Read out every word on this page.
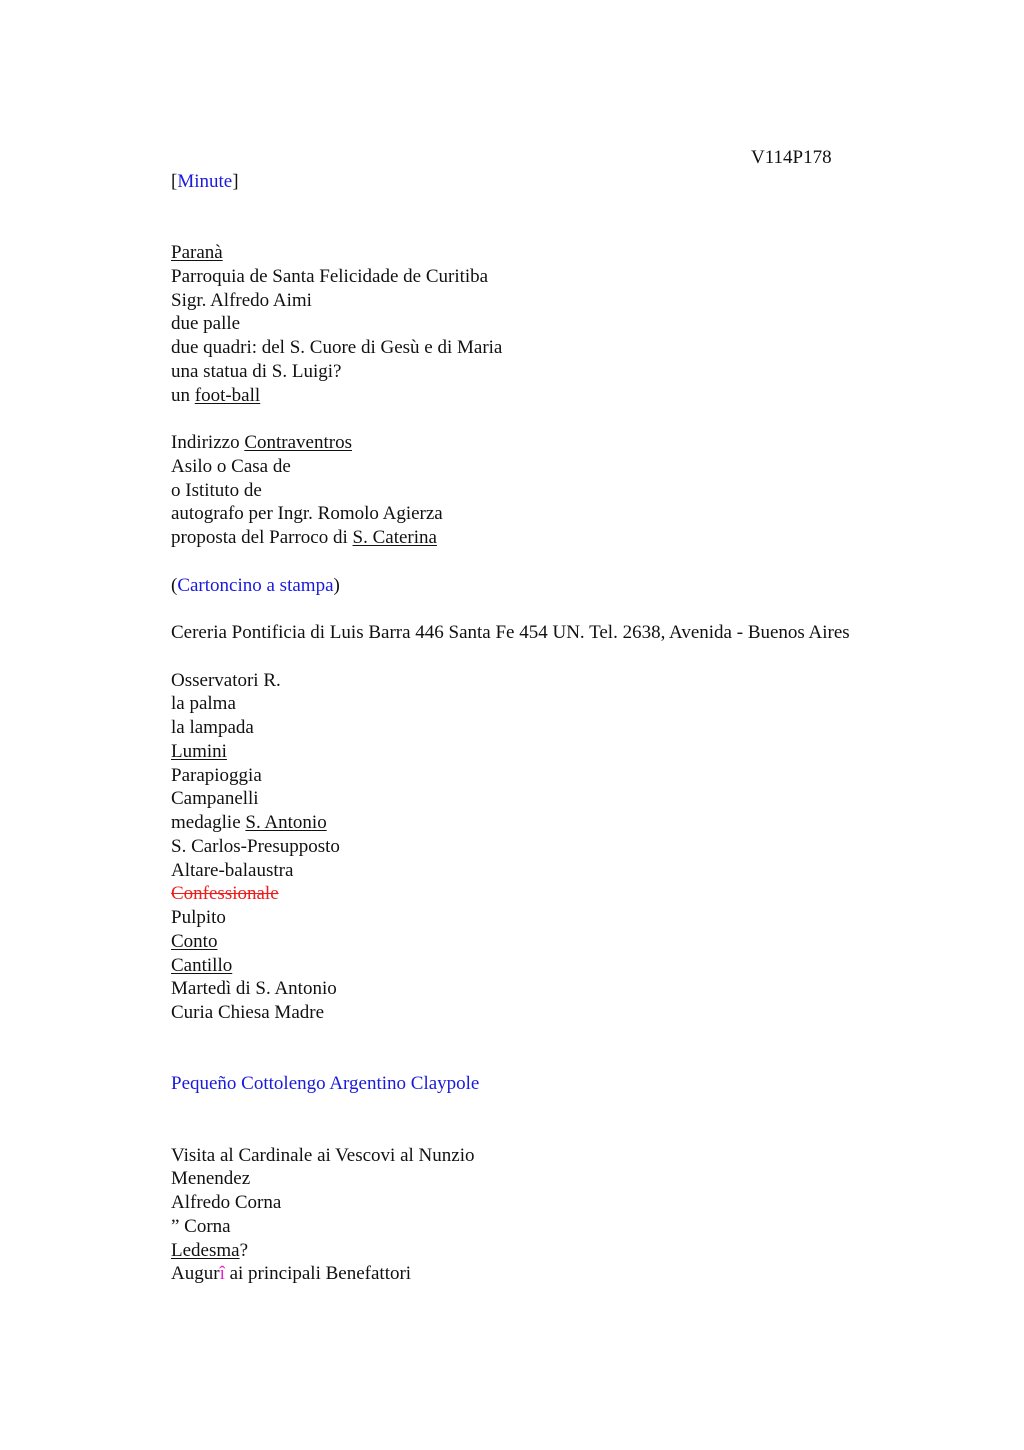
V114P178
[Minute]
Paranà
Parroquia de Santa Felicidade de Curitiba
Sigr. Alfredo Aimi
due palle
due quadri: del S. Cuore di Gesù e di Maria
una statua di S. Luigi?
un foot-ball
Indirizzo Contraventros
Asilo o Casa de
o Istituto de
autografo per Ingr. Romolo Agierza
proposta del Parroco di S. Caterina
(Cartoncino a stampa)
Cereria Pontificia di Luis Barra 446 Santa Fe 454 UN. Tel. 2638, Avenida - Buenos Aires
Osservatori R.
la palma
la lampada
Lumini
Parapioggia
Campanelli
medaglie S. Antonio
S. Carlos-Presupposto
Altare-balaustra
Confessionale
Pulpito
Conto
Cantillo
Martedì di S. Antonio
Curia Chiesa Madre
Pequeño Cottolengo Argentino Claypole
Visita al Cardinale ai Vescovi al Nunzio
Menendez
Alfredo Corna
” Corna
Ledesma?
Augurî ai principali Benefattori
